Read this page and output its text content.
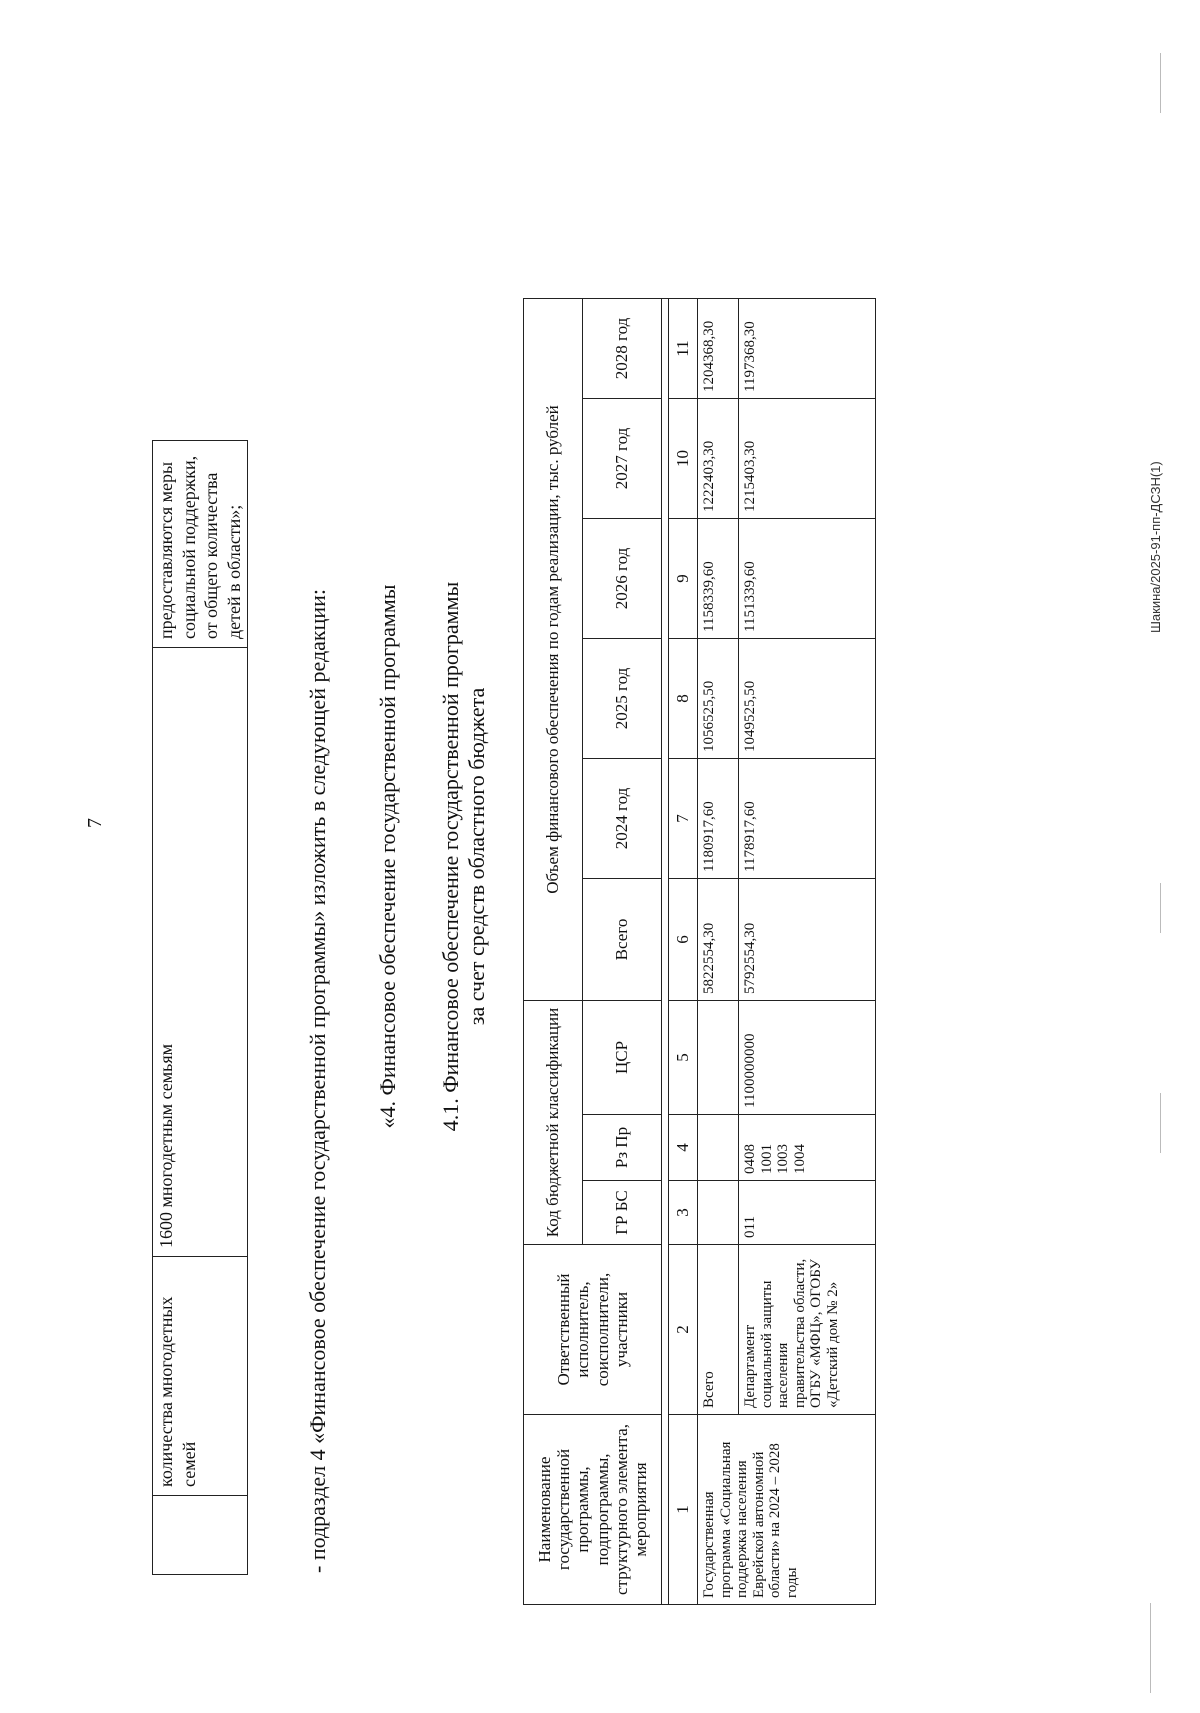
7
	количества многодетных семей	1600 многодетным семьям	предоставляются меры социальной поддержки, от общего количества детей в области»;
- подраздел 4 «Финансовое обеспечение государственной программы» изложить в следующей редакции: «4. Финансовое обеспечение государственной программы 4.1. Финансовое обеспечение государственной программы за счет средств областного бюджета
Наименование государственной программы, подпрограммы, структурного элемента, мероприятия	Ответственный исполнитель, соисполнители, участники	Код бюджетной классификации			Объем финансового обеспечения по годам реализации, тыс. рублей					
		ГР БС	Рз Пр	ЦСР	Всего	2024 год	2025 год	2026 год	2027 год	2028 год

1	2	3	4	5	6	7	8	9	10	11
Государственная программа «Социальная поддержка населения Еврейской автономной области» на 2024 – 2028 годы	Всего				5822554,30	1180917,60	1056525,50	1158339,60	1222403,30	1204368,30
	Департамент социальной защиты населения правительства области, ОГБУ «МФЦ», ОГОБУ «Детский дом № 2»	011	0408 1001 1003 1004	1100000000	5792554,30	1178917,60	1049525,50	1151339,60	1215403,30	1197368,30
Шакина/2025-91-пп-ДСЗН(1)
